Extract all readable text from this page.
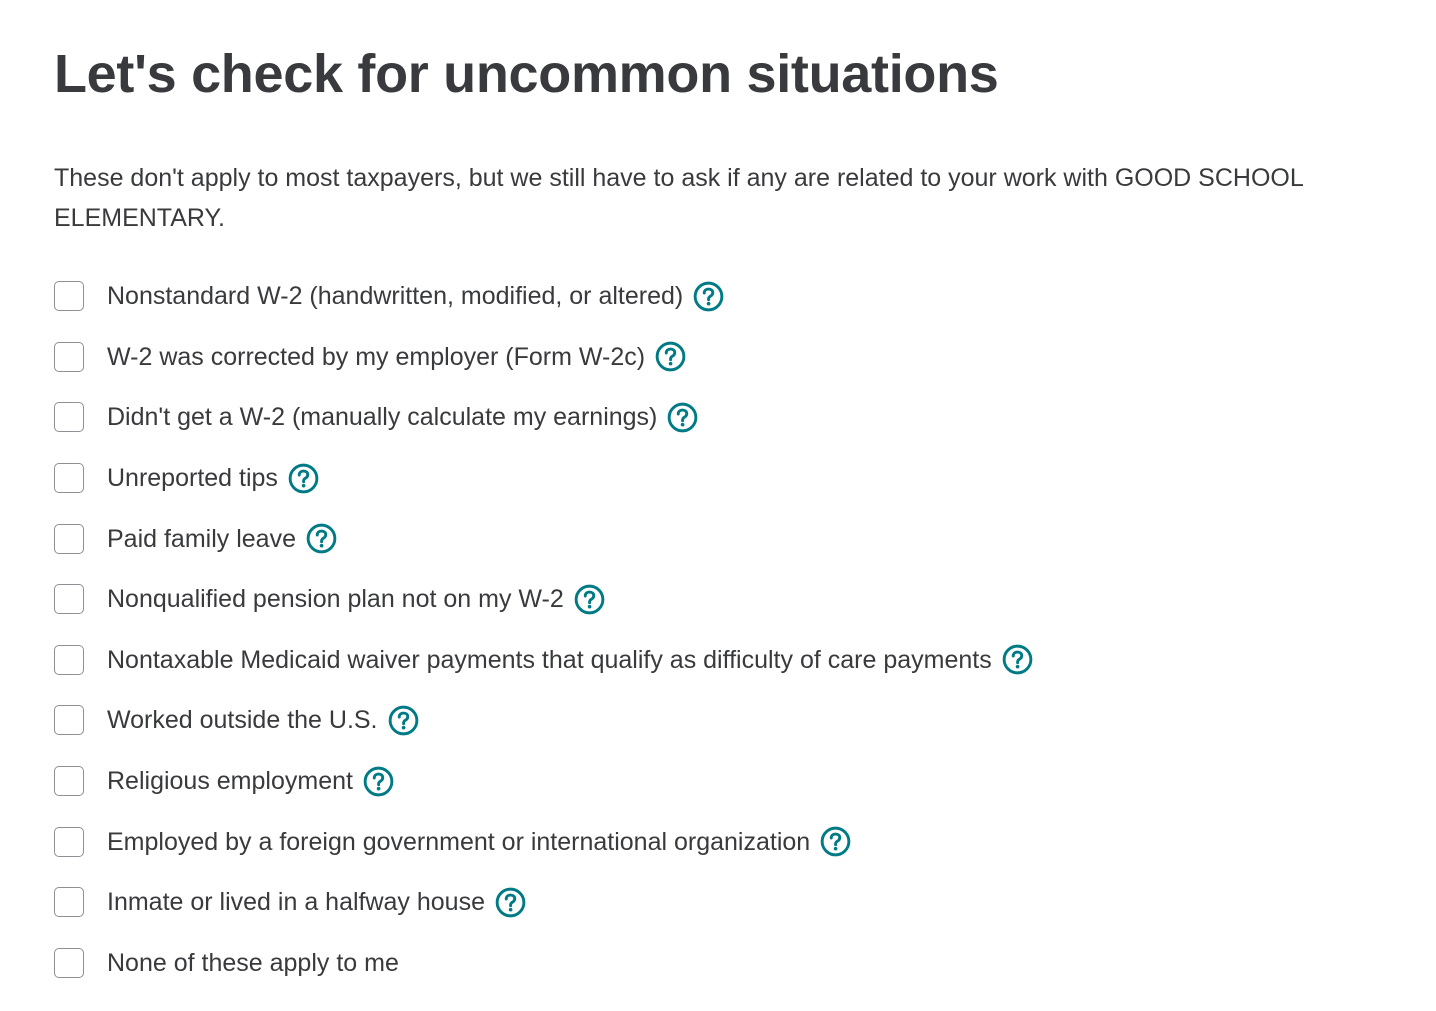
Let's check for uncommon situations

These don't apply to most taxpayers, but we still have to ask if any are related to your work with GOOD SCHOOL ELEMENTARY.

Nonstandard W-2 (handwritten, modified, or altered)
W-2 was corrected by my employer (Form W-2c)
Didn't get a W-2 (manually calculate my earnings)
Unreported tips
Paid family leave
Nonqualified pension plan not on my W-2
Nontaxable Medicaid waiver payments that qualify as difficulty of care payments
Worked outside the U.S.
Religious employment
Employed by a foreign government or international organization
Inmate or lived in a halfway house
None of these apply to me
